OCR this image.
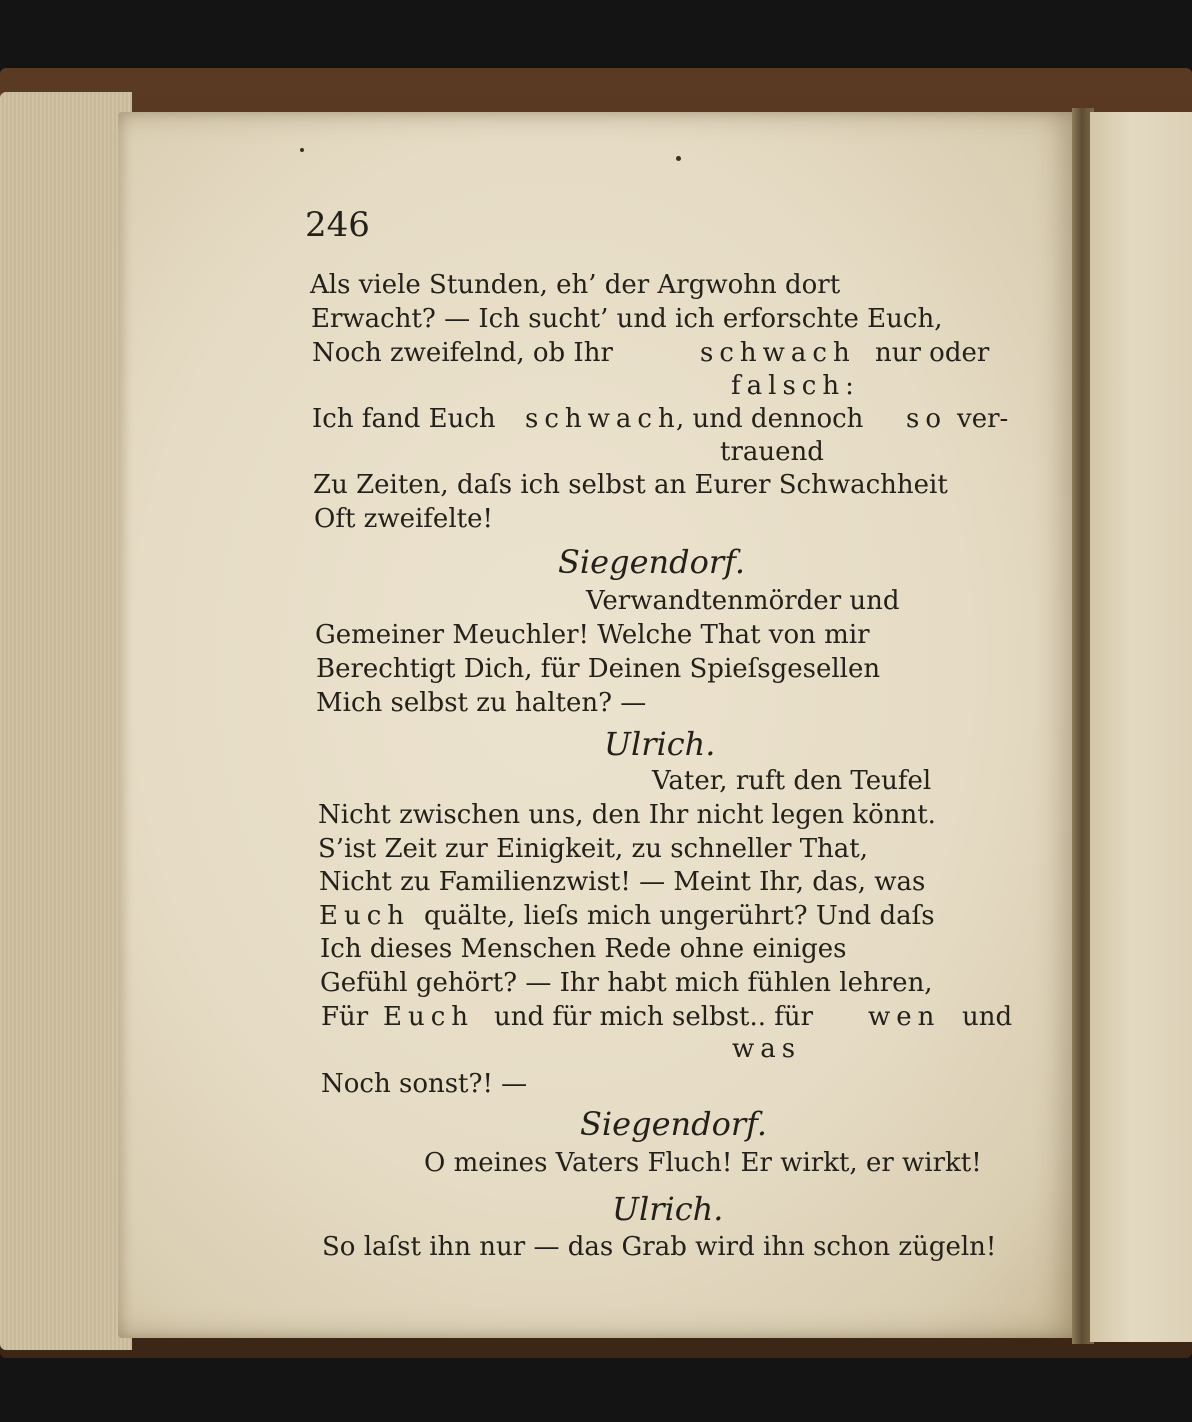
246
Als viele Stunden, eh’ der Argwohn dort
Erwacht? — Ich sucht’ und ich erforschte Euch,
Noch zweifelnd, ob Ihr	schwach nur oder
falsch:
Ich fand Euch schwach
, und dennoch so ver-
trauend
Zu Zeiten, daſs ich selbst an Eurer Schwachheit
Oft zweifelte!
Siegendorf.
Verwandtenmörder und
Gemeiner Meuchler! Welche That von mir
Berechtigt Dich, für Deinen Spieſsgesellen
Mich selbst zu halten? —
Ulrich.
Vater, ruft den Teufel
Nicht zwischen uns, den Ihr nicht legen könnt.
S’ist Zeit zur Einigkeit, zu schneller That,
Nicht zu Familienzwist! — Meint Ihr, das, was
Euch quälte, lieſs mich ungerührt? Und daſs
Ich dieses Menschen Rede ohne einiges
Gefühl gehört? — Ihr habt mich fühlen lehren,
Für Euch und für mich selbst.. für wen und
was
Noch sonst?! —
Siegendorf.
O meines Vaters Fluch! Er wirkt, er wirkt!
Ulrich.
So laſst ihn nur — das Grab wird ihn schon zügeln!
